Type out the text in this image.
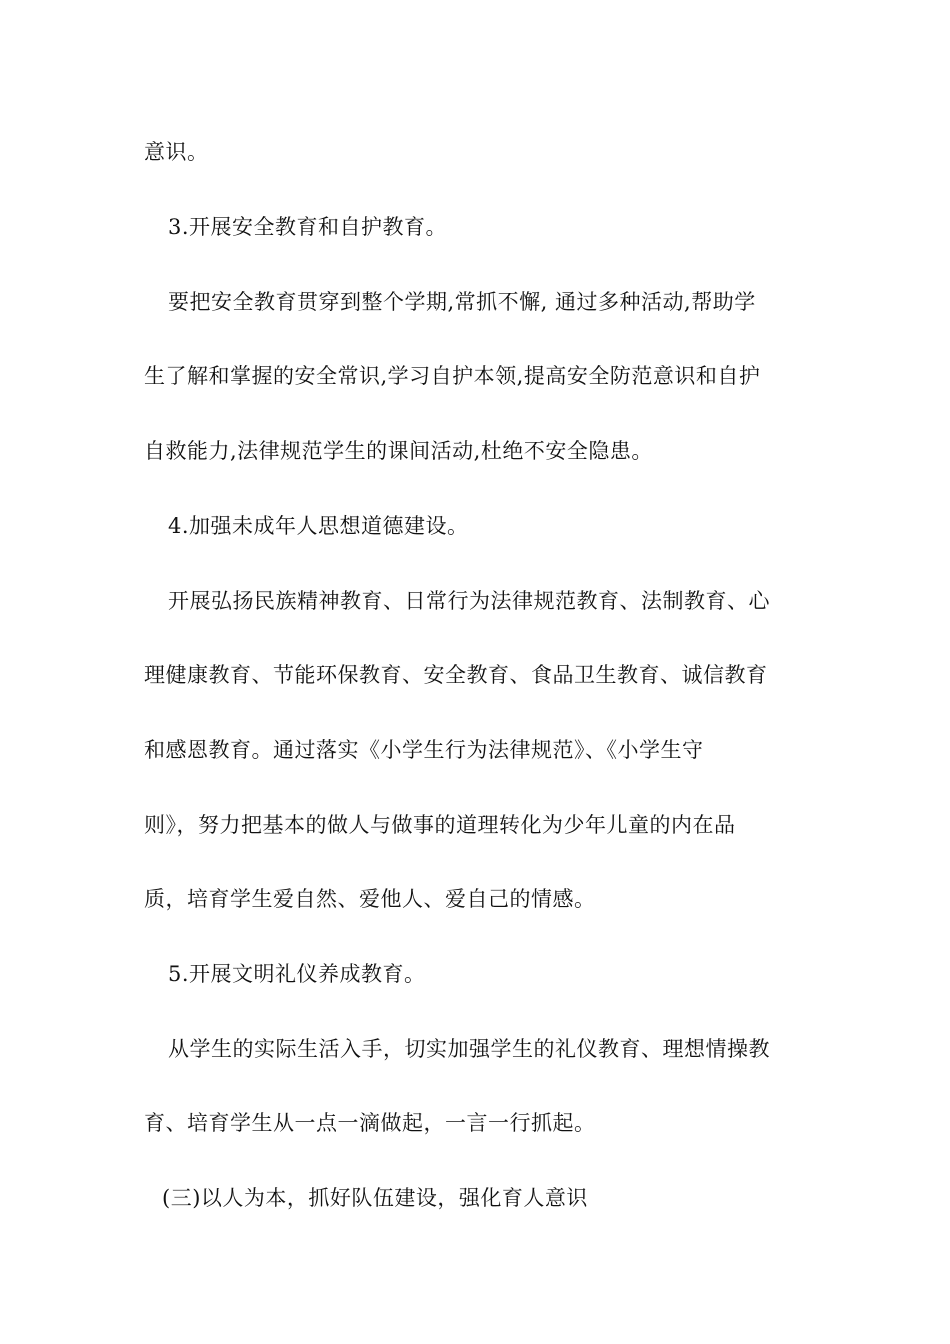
意识。
3.开展安全教育和自护教育。
要把安全教育贯穿到整个学期,常抓不懈, 通过多种活动,帮助学
生了解和掌握的安全常识,学习自护本领,提高安全防范意识和自护
自救能力,法律规范学生的课间活动,杜绝不安全隐患。
4.加强未成年人思想道德建设。
开展弘扬民族精神教育、日常行为法律规范教育、法制教育、心
理健康教育、节能环保教育、安全教育、食品卫生教育、诚信教育
和感恩教育。通过落实《小学生行为法律规范》、《小学生守
则》，努力把基本的做人与做事的道理转化为少年儿童的内在品
质，培育学生爱自然、爱他人、爱自己的情感。
5.开展文明礼仪养成教育。
从学生的实际生活入手，切实加强学生的礼仪教育、理想情操教
育、培育学生从一点一滴做起，一言一行抓起。
(三)以人为本，抓好队伍建设，强化育人意识
